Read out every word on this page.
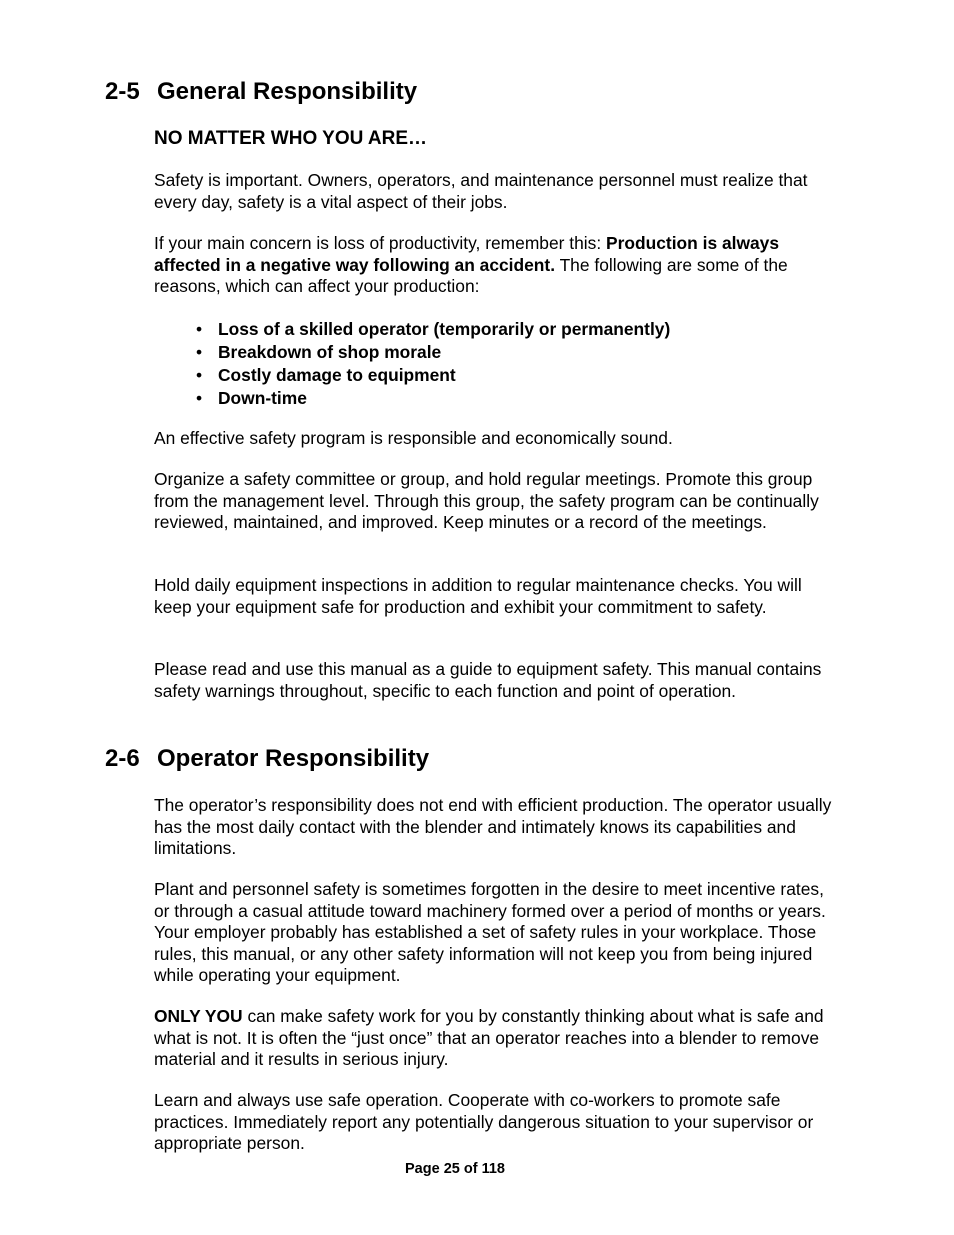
2-5 General Responsibility
NO MATTER WHO YOU ARE…

Safety is important. Owners, operators, and maintenance personnel must realize that every day, safety is a vital aspect of their jobs.

If your main concern is loss of productivity, remember this: Production is always affected in a negative way following an accident. The following are some of the reasons, which can affect your production:

• Loss of a skilled operator (temporarily or permanently)
• Breakdown of shop morale
• Costly damage to equipment
• Down-time

An effective safety program is responsible and economically sound.

Organize a safety committee or group, and hold regular meetings. Promote this group from the management level. Through this group, the safety program can be continually reviewed, maintained, and improved. Keep minutes or a record of the meetings.

Hold daily equipment inspections in addition to regular maintenance checks. You will keep your equipment safe for production and exhibit your commitment to safety.

Please read and use this manual as a guide to equipment safety. This manual contains safety warnings throughout, specific to each function and point of operation.

2-6 Operator Responsibility

The operator’s responsibility does not end with efficient production. The operator usually has the most daily contact with the blender and intimately knows its capabilities and limitations.

Plant and personnel safety is sometimes forgotten in the desire to meet incentive rates, or through a casual attitude toward machinery formed over a period of months or years. Your employer probably has established a set of safety rules in your workplace. Those rules, this manual, or any other safety information will not keep you from being injured while operating your equipment.

ONLY YOU can make safety work for you by constantly thinking about what is safe and what is not. It is often the “just once” that an operator reaches into a blender to remove material and it results in serious injury.

Learn and always use safe operation. Cooperate with co-workers to promote safe practices. Immediately report any potentially dangerous situation to your supervisor or appropriate person.

Page 25 of 118
